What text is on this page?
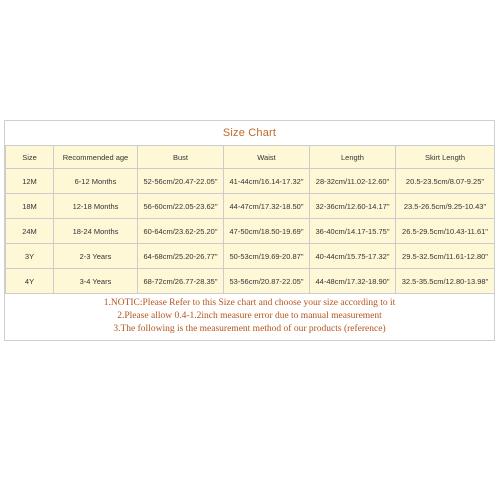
Size Chart
Size	Recommended age	Bust	Waist	Length	Skirt Length
12M	6-12 Months	52-56cm/20.47-22.05"	41-44cm/16.14-17.32"	28-32cm/11.02-12.60"	20.5-23.5cm/8.07-9.25"
18M	12-18 Months	56-60cm/22.05-23.62"	44-47cm/17.32-18.50"	32-36cm/12.60-14.17"	23.5-26.5cm/9.25-10.43"
24M	18-24 Months	60-64cm/23.62-25.20"	47-50cm/18.50-19.69"	36-40cm/14.17-15.75"	26.5-29.5cm/10.43-11.61"
3Y	2-3 Years	64-68cm/25.20-26.77"	50-53cm/19.69-20.87"	40-44cm/15.75-17.32"	29.5-32.5cm/11.61-12.80"
4Y	3-4 Years	68-72cm/26.77-28.35"	53-56cm/20.87-22.05"	44-48cm/17.32-18.90"	32.5-35.5cm/12.80-13.98"
1.NOTIC:Please Refer to this Size chart and choose your size according to it
2.Please allow 0.4-1.2inch measure error due to manual measurement
3.The following is the measurement method of our products (reference)
